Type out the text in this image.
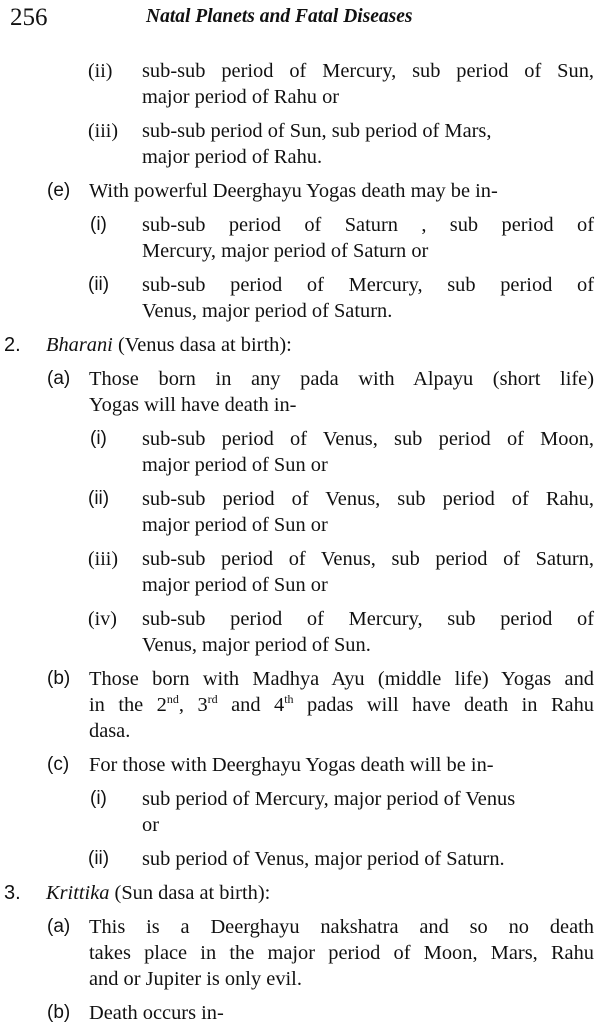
256	Natal Planets and Fatal Diseases
(ii) sub-sub period of Mercury, sub period of Sun,
major period of Rahu or
(iii) sub-sub period of Sun, sub period of Mars,
major period of Rahu.
(e) With powerful Deerghayu Yogas death may be in-
(i) sub-sub period of Saturn , sub period of
Mercury, major period of Saturn or
(ii) sub-sub period of Mercury, sub period of
Venus, major period of Saturn.
2. Bharani (Venus dasa at birth):
(a) Those born in any pada with Alpayu (short life)
Yogas will have death in-
(i) sub-sub period of Venus, sub period of Moon,
major period of Sun or
(ii) sub-sub period of Venus, sub period of Rahu,
major period of Sun or
(iii) sub-sub period of Venus, sub period of Saturn,
major period of Sun or
(iv) sub-sub period of Mercury, sub period of
Venus, major period of Sun.
(b) Those born with Madhya Ayu (middle life) Yogas and
in the 2nd, 3rd and 4th padas will have death in Rahu
dasa.
(c) For those with Deerghayu Yogas death will be in-
(i) sub period of Mercury, major period of Venus
or
(ii) sub period of Venus, major period of Saturn.
3. Krittika (Sun dasa at birth):
(a) This is a Deerghayu nakshatra and so no death
takes place in the major period of Moon, Mars, Rahu
and or Jupiter is only evil.
(b) Death occurs in-
